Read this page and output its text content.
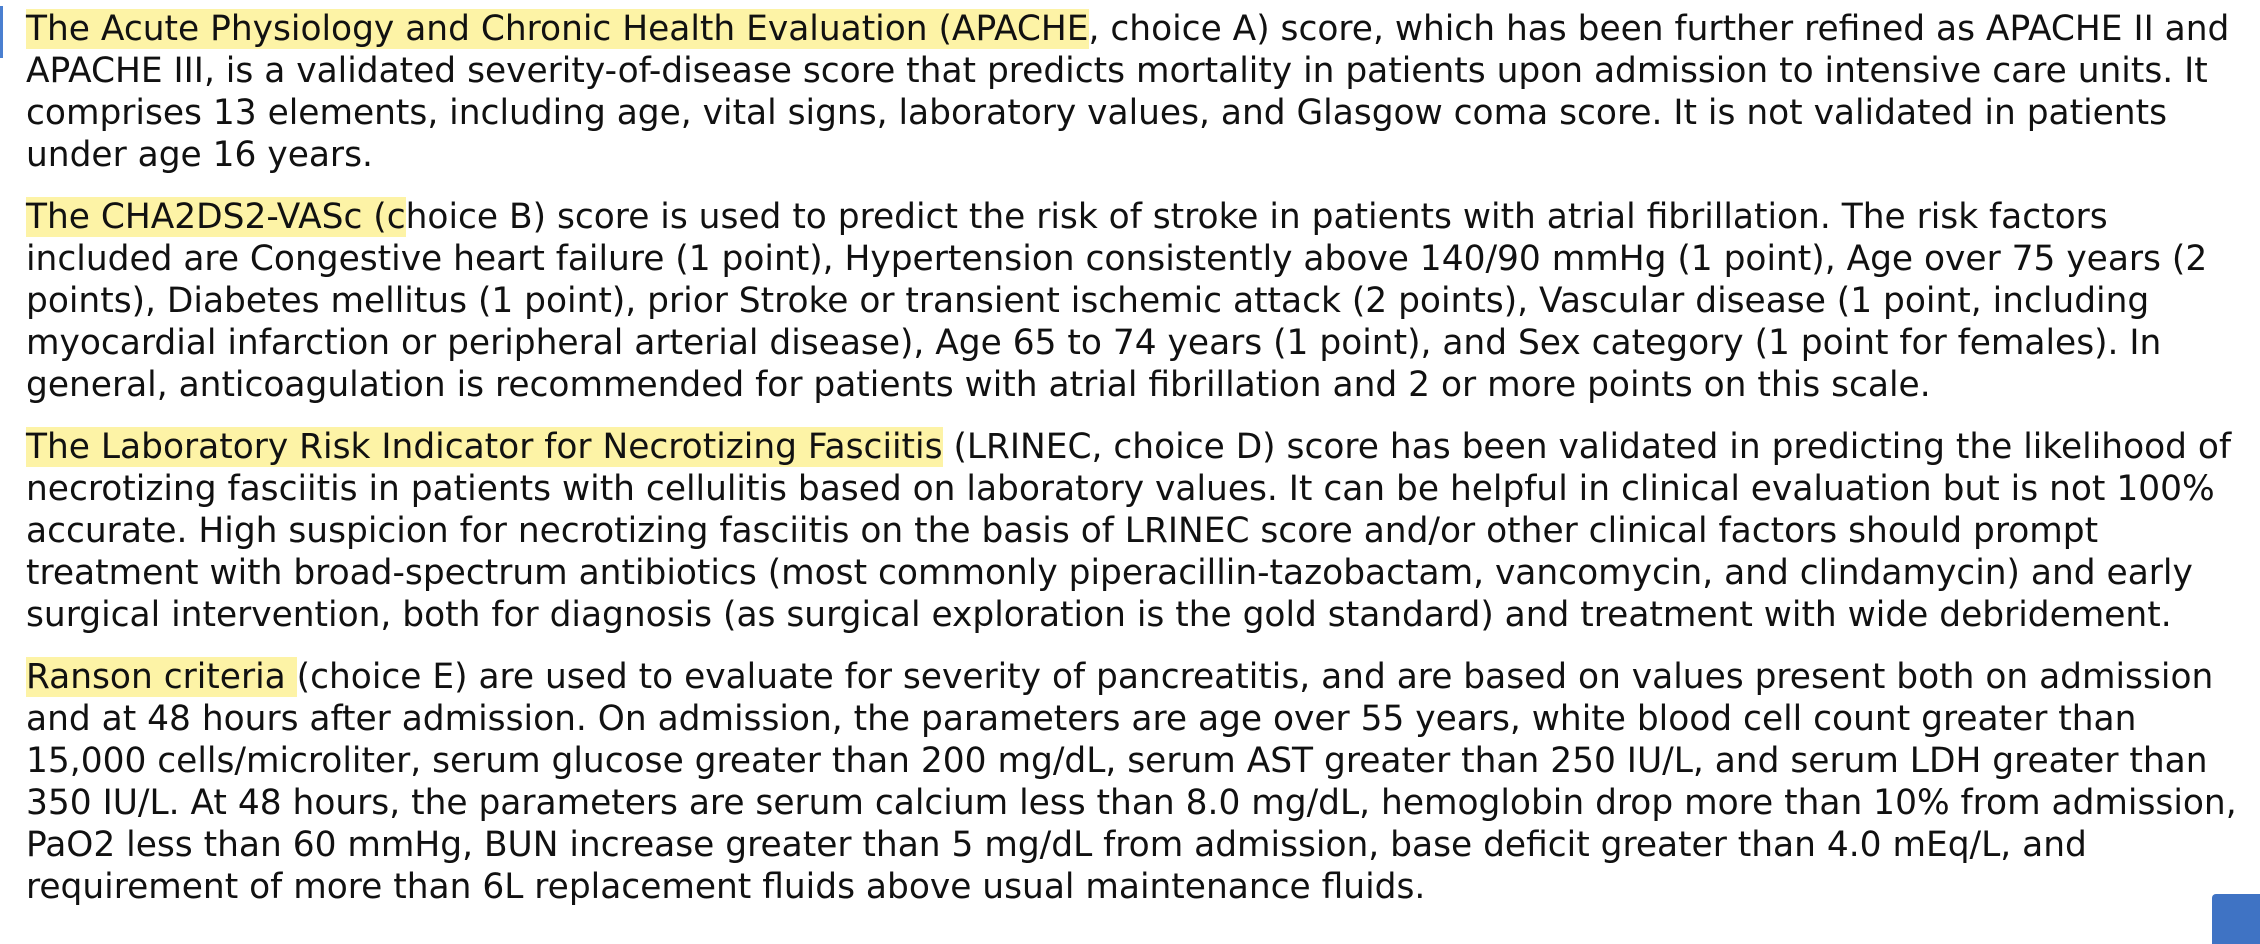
The Acute Physiology and Chronic Health Evaluation (APACHE, choice A) score, which has been further refined as APACHE II and APACHE III, is a validated severity-of-disease score that predicts mortality in patients upon admission to intensive care units. It comprises 13 elements, including age, vital signs, laboratory values, and Glasgow coma score. It is not validated in patients under age 16 years.

The CHA2DS2-VASc (choice B) score is used to predict the risk of stroke in patients with atrial fibrillation. The risk factors included are Congestive heart failure (1 point), Hypertension consistently above 140/90 mmHg (1 point), Age over 75 years (2 points), Diabetes mellitus (1 point), prior Stroke or transient ischemic attack (2 points), Vascular disease (1 point, including myocardial infarction or peripheral arterial disease), Age 65 to 74 years (1 point), and Sex category (1 point for females). In general, anticoagulation is recommended for patients with atrial fibrillation and 2 or more points on this scale.

The Laboratory Risk Indicator for Necrotizing Fasciitis (LRINEC, choice D) score has been validated in predicting the likelihood of necrotizing fasciitis in patients with cellulitis based on laboratory values. It can be helpful in clinical evaluation but is not 100% accurate. High suspicion for necrotizing fasciitis on the basis of LRINEC score and/or other clinical factors should prompt treatment with broad-spectrum antibiotics (most commonly piperacillin-tazobactam, vancomycin, and clindamycin) and early surgical intervention, both for diagnosis (as surgical exploration is the gold standard) and treatment with wide debridement.

Ranson criteria (choice E) are used to evaluate for severity of pancreatitis, and are based on values present both on admission and at 48 hours after admission. On admission, the parameters are age over 55 years, white blood cell count greater than 15,000 cells/microliter, serum glucose greater than 200 mg/dL, serum AST greater than 250 IU/L, and serum LDH greater than 350 IU/L. At 48 hours, the parameters are serum calcium less than 8.0 mg/dL, hemoglobin drop more than 10% from admission, PaO2 less than 60 mmHg, BUN increase greater than 5 mg/dL from admission, base deficit greater than 4.0 mEq/L, and requirement of more than 6L replacement fluids above usual maintenance fluids.
